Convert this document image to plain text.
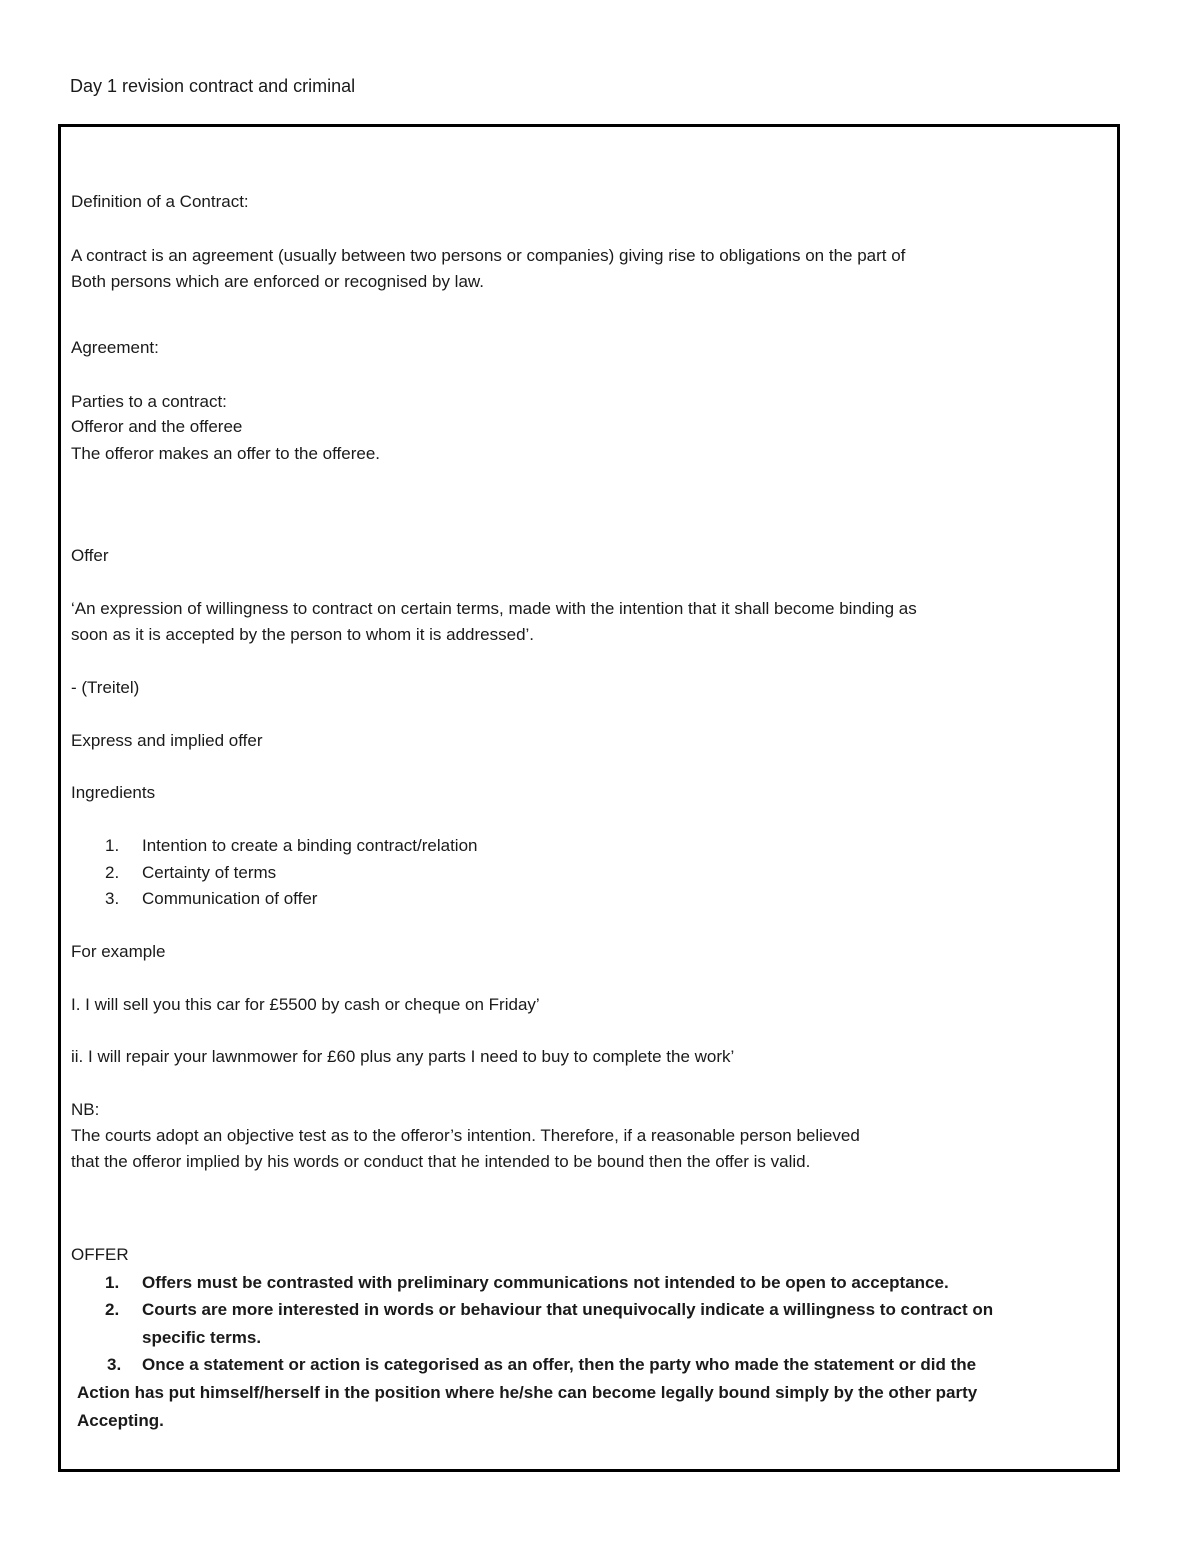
Day 1 revision contract and criminal
Definition of a Contract:
A contract is an agreement (usually between two persons or companies) giving rise to obligations on the part of
Both persons which are enforced or recognised by law.
Agreement:
Parties to a contract:
Offeror and the offeree
The offeror makes an offer to the offeree.
Offer
‘An expression of willingness to contract on certain terms, made with the intention that it shall become binding as
soon as it is accepted by the person to whom it is addressed’.
- (Treitel)
Express and implied offer
Ingredients
1. Intention to create a binding contract/relation
2. Certainty of terms
3. Communication of offer
For example
I. I will sell you this car for £5500 by cash or cheque on Friday’
ii. I will repair your lawnmower for £60 plus any parts I need to buy to complete the work’
NB:
The courts adopt an objective test as to the offeror’s intention. Therefore, if a reasonable person believed
that the offeror implied by his words or conduct that he intended to be bound then the offer is valid.
OFFER
1. Offers must be contrasted with preliminary communications not intended to be open to acceptance.
2. Courts are more interested in words or behaviour that unequivocally indicate a willingness to contract on
specific terms.
3. Once a statement or action is categorised as an offer, then the party who made the statement or did the
Action has put himself/herself in the position where he/she can become legally bound simply by the other party
Accepting.
